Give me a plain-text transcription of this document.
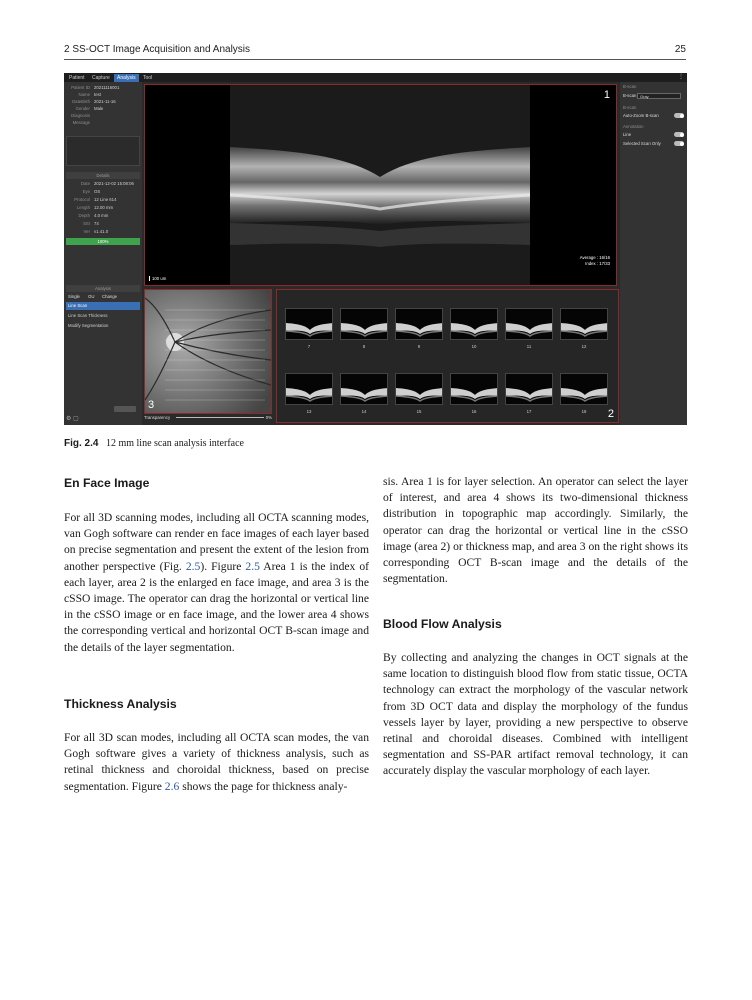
2 SS-OCT Image Acquisition and Analysis	25
Patient	Capture	Analysis	Tool	⋮
Patient ID 20211116001
Name test
DateBirth 2021-11-16
Gender Male
Diagnosis
Message
Details
Date 2021-12-02 15:08:06
Eye OS
Protocol 12 Line 614
Length 12.00 mm
Depth 4.0 mm
SSI 74
Ver v1.41.0
100%
Analysis
Single OU Change
Line Scan
Line Scan Thickness
Modify Segmentation
⚙ ▢
1
100 um
Average : 16/16
Index : 17/33
B-scan
B-scan Gray
B-scan
Auto-Zoom B-scan
Annotation
Line
Selected Scan Only
3
Transparency	0%
7	8	9	10	11	12
13	14	15	16	17	18	2
Fig. 2.4 12 mm line scan analysis interface
En Face Image
For all 3D scanning modes, including all OCTA scanning modes, van Gogh software can render en face images of each layer based on precise segmentation and present the extent of the lesion from another perspective (Fig. 2.5). Figure 2.5 Area 1 is the index of each layer, area 2 is the enlarged en face image, and area 3 is the cSSO image. The operator can drag the horizontal or vertical line in the cSSO image or en face image, and the lower area 4 shows the corresponding vertical and horizontal OCT B-scan image and the details of the layer segmentation.
Thickness Analysis
For all 3D scan modes, including all OCTA scan modes, the van Gogh software gives a variety of thickness analysis, such as retinal thickness and choroidal thickness, based on precise segmentation. Figure 2.6 shows the page for thickness analy-
sis. Area 1 is for layer selection. An operator can select the layer of interest, and area 4 shows its two-dimensional thickness distribution in topographic map accordingly. Similarly, the operator can drag the horizontal or vertical line in the cSSO image (area 2) or thickness map, and area 3 on the right shows its corresponding OCT B-scan image and the details of the segmentation.
Blood Flow Analysis
By collecting and analyzing the changes in OCT signals at the same location to distinguish blood flow from static tissue, OCTA technology can extract the morphology of the vascular network from 3D OCT data and display the morphology of the fundus vessels layer by layer, providing a new perspective to observe retinal and choroidal diseases. Combined with intelligent segmentation and SS-PAR artifact removal technology, it can accurately display the vascular morphology of each layer.
